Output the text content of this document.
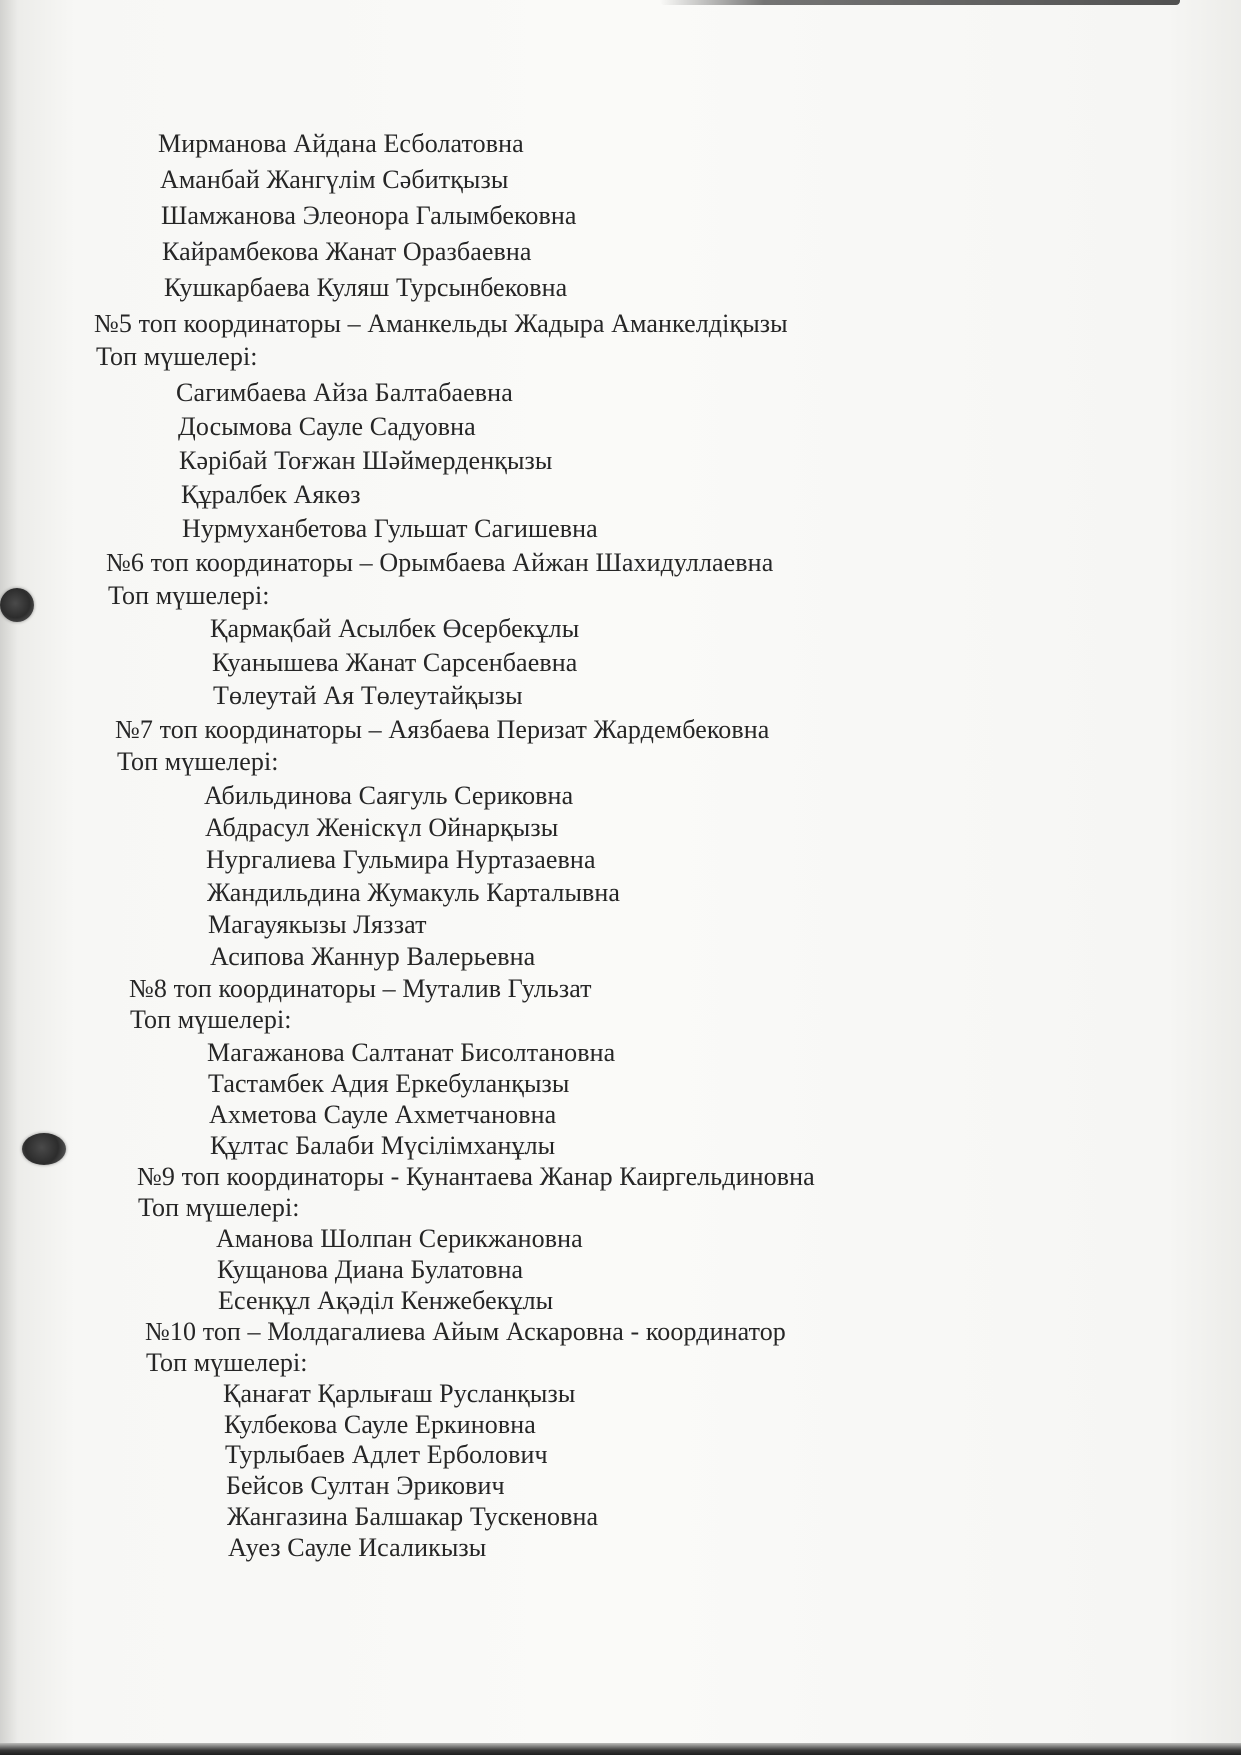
Мирманова Айдана Есболатовна
Аманбай Жангүлім Сәбитқызы
Шамжанова Элеонора Галымбековна
Кайрамбекова Жанат Оразбаевна
Кушкарбаева Куляш Турсынбековна
№5 топ координаторы – Аманкельды Жадыра Аманкелдіқызы
Топ мүшелері:
Сагимбаева Айза Балтабаевна
Досымова Сауле Садуовна
Кәрібай Тоғжан Шәймерденқызы
Құралбек Аякөз
Нурмуханбетова Гульшат Сагишевна
№6 топ координаторы – Орымбаева Айжан Шахидуллаевна
Топ мүшелері:
Қармақбай Асылбек Өсербекұлы
Куанышева Жанат Сарсенбаевна
Төлеутай Ая Төлеутайқызы
№7 топ координаторы – Аязбаева Перизат Жардембековна
Топ мүшелері:
Абильдинова Саягуль Сериковна
Абдрасул Женіскүл Ойнарқызы
Нургалиева Гульмира Нуртазаевна
Жандильдина Жумакуль Карталывна
Магауякызы Ляззат
Асипова Жаннур Валерьевна
№8 топ координаторы – Муталив Гульзат
Топ мүшелері:
Магажанова Салтанат Бисолтановна
Тастамбек Адия Еркебуланқызы
Ахметова Сауле Ахметчановна
Құлтас Балаби Мүсілімханұлы
№9 топ координаторы - Кунантаева Жанар Каиргельдиновна
Топ мүшелері:
Аманова Шолпан Серикжановна
Кущанова Диана Булатовна
Есенқұл Ақәділ Кенжебекұлы
№10 топ – Молдагалиева Айым Аскаровна - координатор
Топ мүшелері:
Қанағат Қарлығаш Русланқызы
Кулбекова Сауле Еркиновна
Турлыбаев Адлет Ерболович
Бейсов Султан Эрикович
Жангазина Балшакар Тускеновна
Ауез Сауле Исаликызы
